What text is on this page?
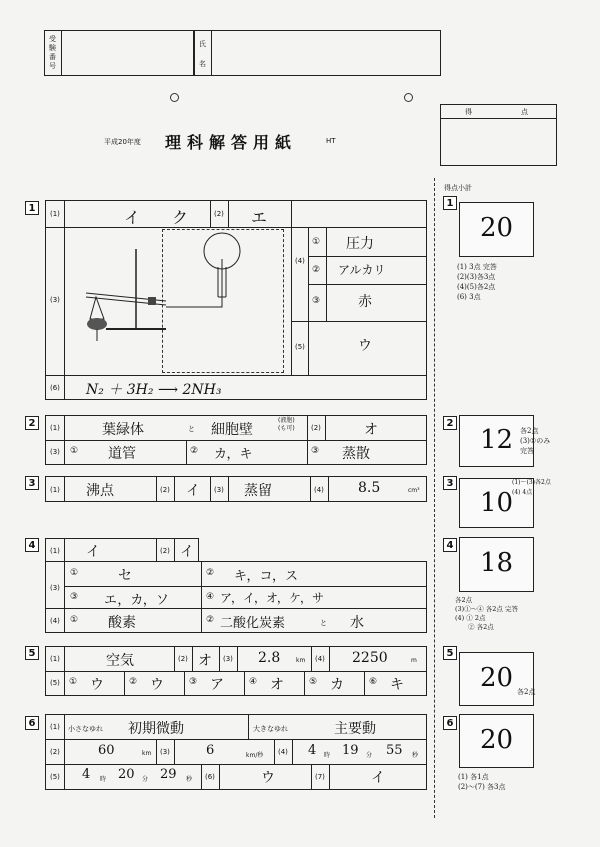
受験番号
氏
名
平成20年度 理科解答用紙	HT
得	点
得点小計
1
(1)	イ　　ク	(2) エ
(3)
(4)
① 圧力
② アルカリ
③	赤
(5)	ウ
(6) N₂ ＋ 3H₂ ⟶ 2NH₃
1
20
(1) 3点 完答
(2)(3)各3点
(4)(5)各2点
(6) 3点
2	(1)	葉緑体	と 細胞壁
(液胞)
(も可) (2)	オ
(3) ① 道管	② カ，キ	③ 蒸散
2
12 各2点
(3)①のみ
完答
3
(1) 沸点	(2) イ (3) 蒸留	(4) 8.5	cm³
3
10
(1)〜(3)各2点
(4) 4点
4
(1) イ	(2) イ
(3)
①	セ	② キ，コ，ス
③ エ，カ，ソ	④ ア，イ，オ，ケ，サ
(4) ① 酸素	② 二酸化炭素	と 水
4
18
各2点
(3)①〜④ 各2点 完答
(4) ① 2点
　　② 各2点
5
(1)	空気	(2) オ (3) 2.8	km (4) 2250	m
(5) ① ウ	② ウ	③ ア	④ オ	⑤ カ	⑥ キ
5
20 各2点
6	(1) 小さなゆれ 初期微動	大きなゆれ	主要動
(2)	60	km (3)	6	km/秒 (4) 4 時 19 分 55 秒
(5) 4 時 20 分 29 秒 (6)	ウ	(7)	イ
6
20
(1) 各1点
(2)〜(7) 各3点
